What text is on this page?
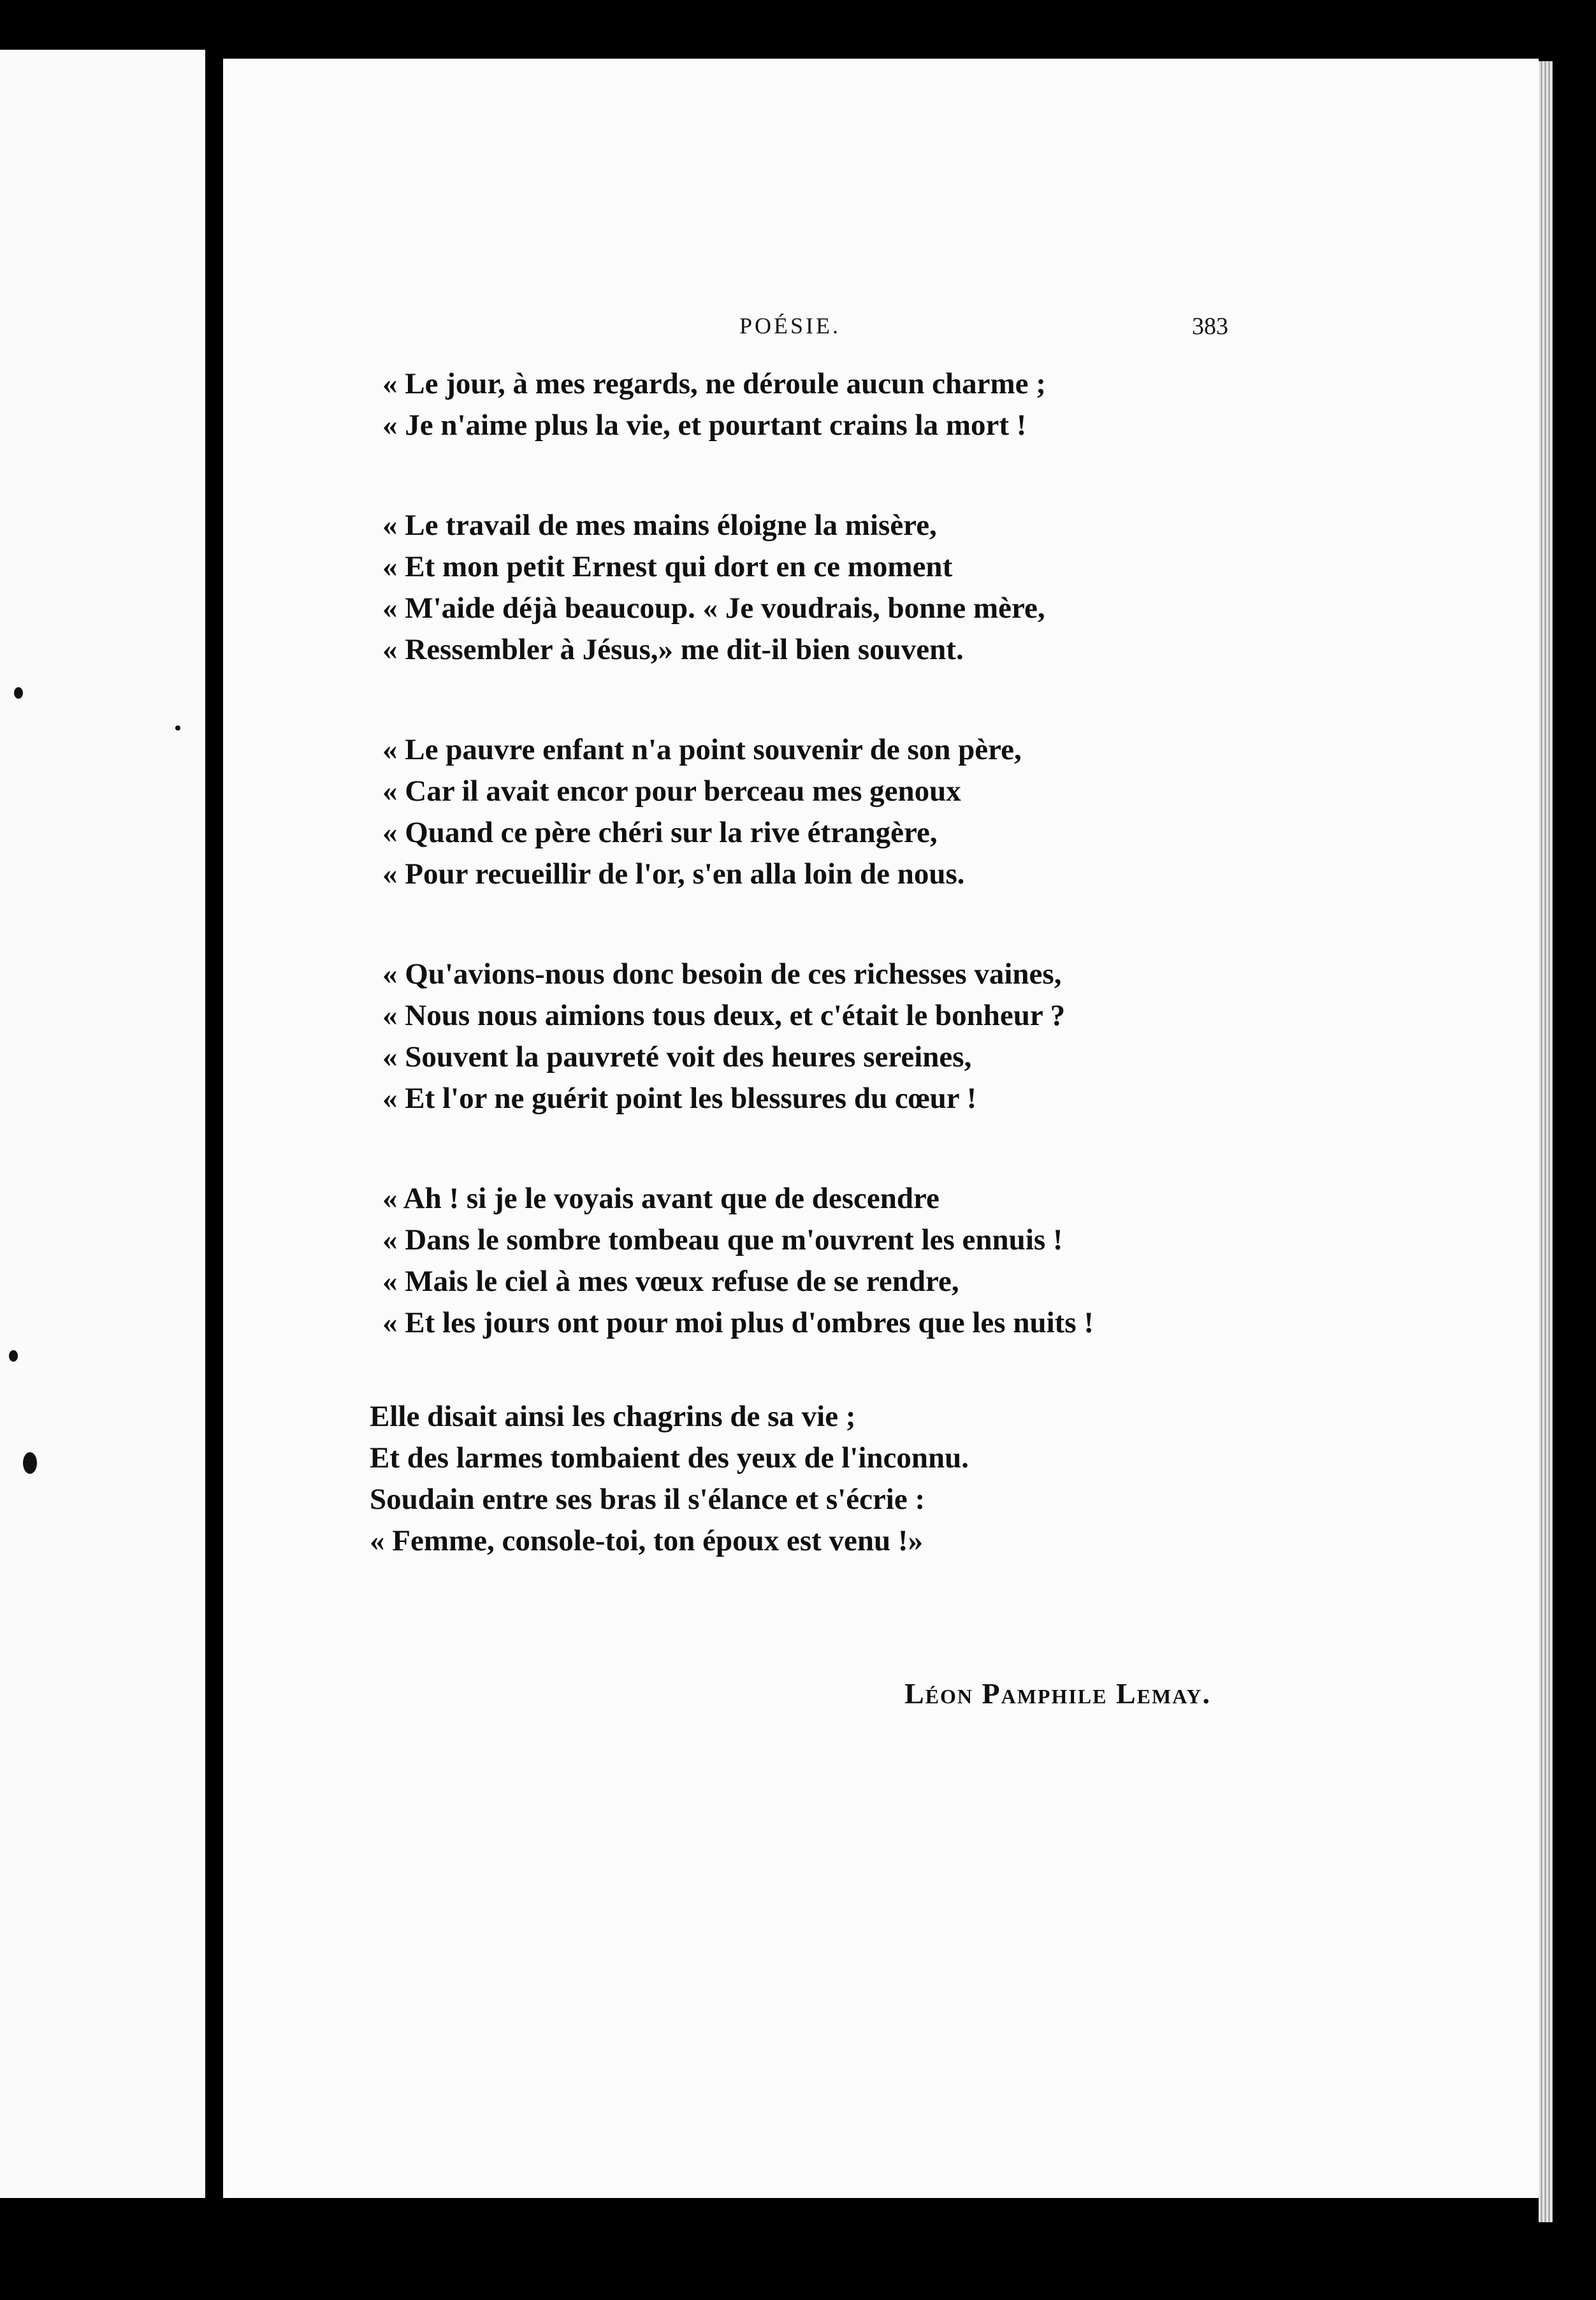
POÉSIE.	383
« Le jour, à mes regards, ne déroule aucun charme ;
« Je n'aime plus la vie, et pourtant crains la mort !
« Le travail de mes mains éloigne la misère,
« Et mon petit Ernest qui dort en ce moment
« M'aide déjà beaucoup. « Je voudrais, bonne mère,
« Ressembler à Jésus,» me dit-il bien souvent.
« Le pauvre enfant n'a point souvenir de son père,
« Car il avait encor pour berceau mes genoux
« Quand ce père chéri sur la rive étrangère,
« Pour recueillir de l'or, s'en alla loin de nous.
« Qu'avions-nous donc besoin de ces richesses vaines,
« Nous nous aimions tous deux, et c'était le bonheur ?
« Souvent la pauvreté voit des heures sereines,
« Et l'or ne guérit point les blessures du cœur !
« Ah ! si je le voyais avant que de descendre
« Dans le sombre tombeau que m'ouvrent les ennuis !
« Mais le ciel à mes vœux refuse de se rendre,
« Et les jours ont pour moi plus d'ombres que les nuits !
Elle disait ainsi les chagrins de sa vie ;
Et des larmes tombaient des yeux de l'inconnu.
Soudain entre ses bras il s'élance et s'écrie :
« Femme, console-toi, ton époux est venu !»
Léon Pamphile Lemay.
